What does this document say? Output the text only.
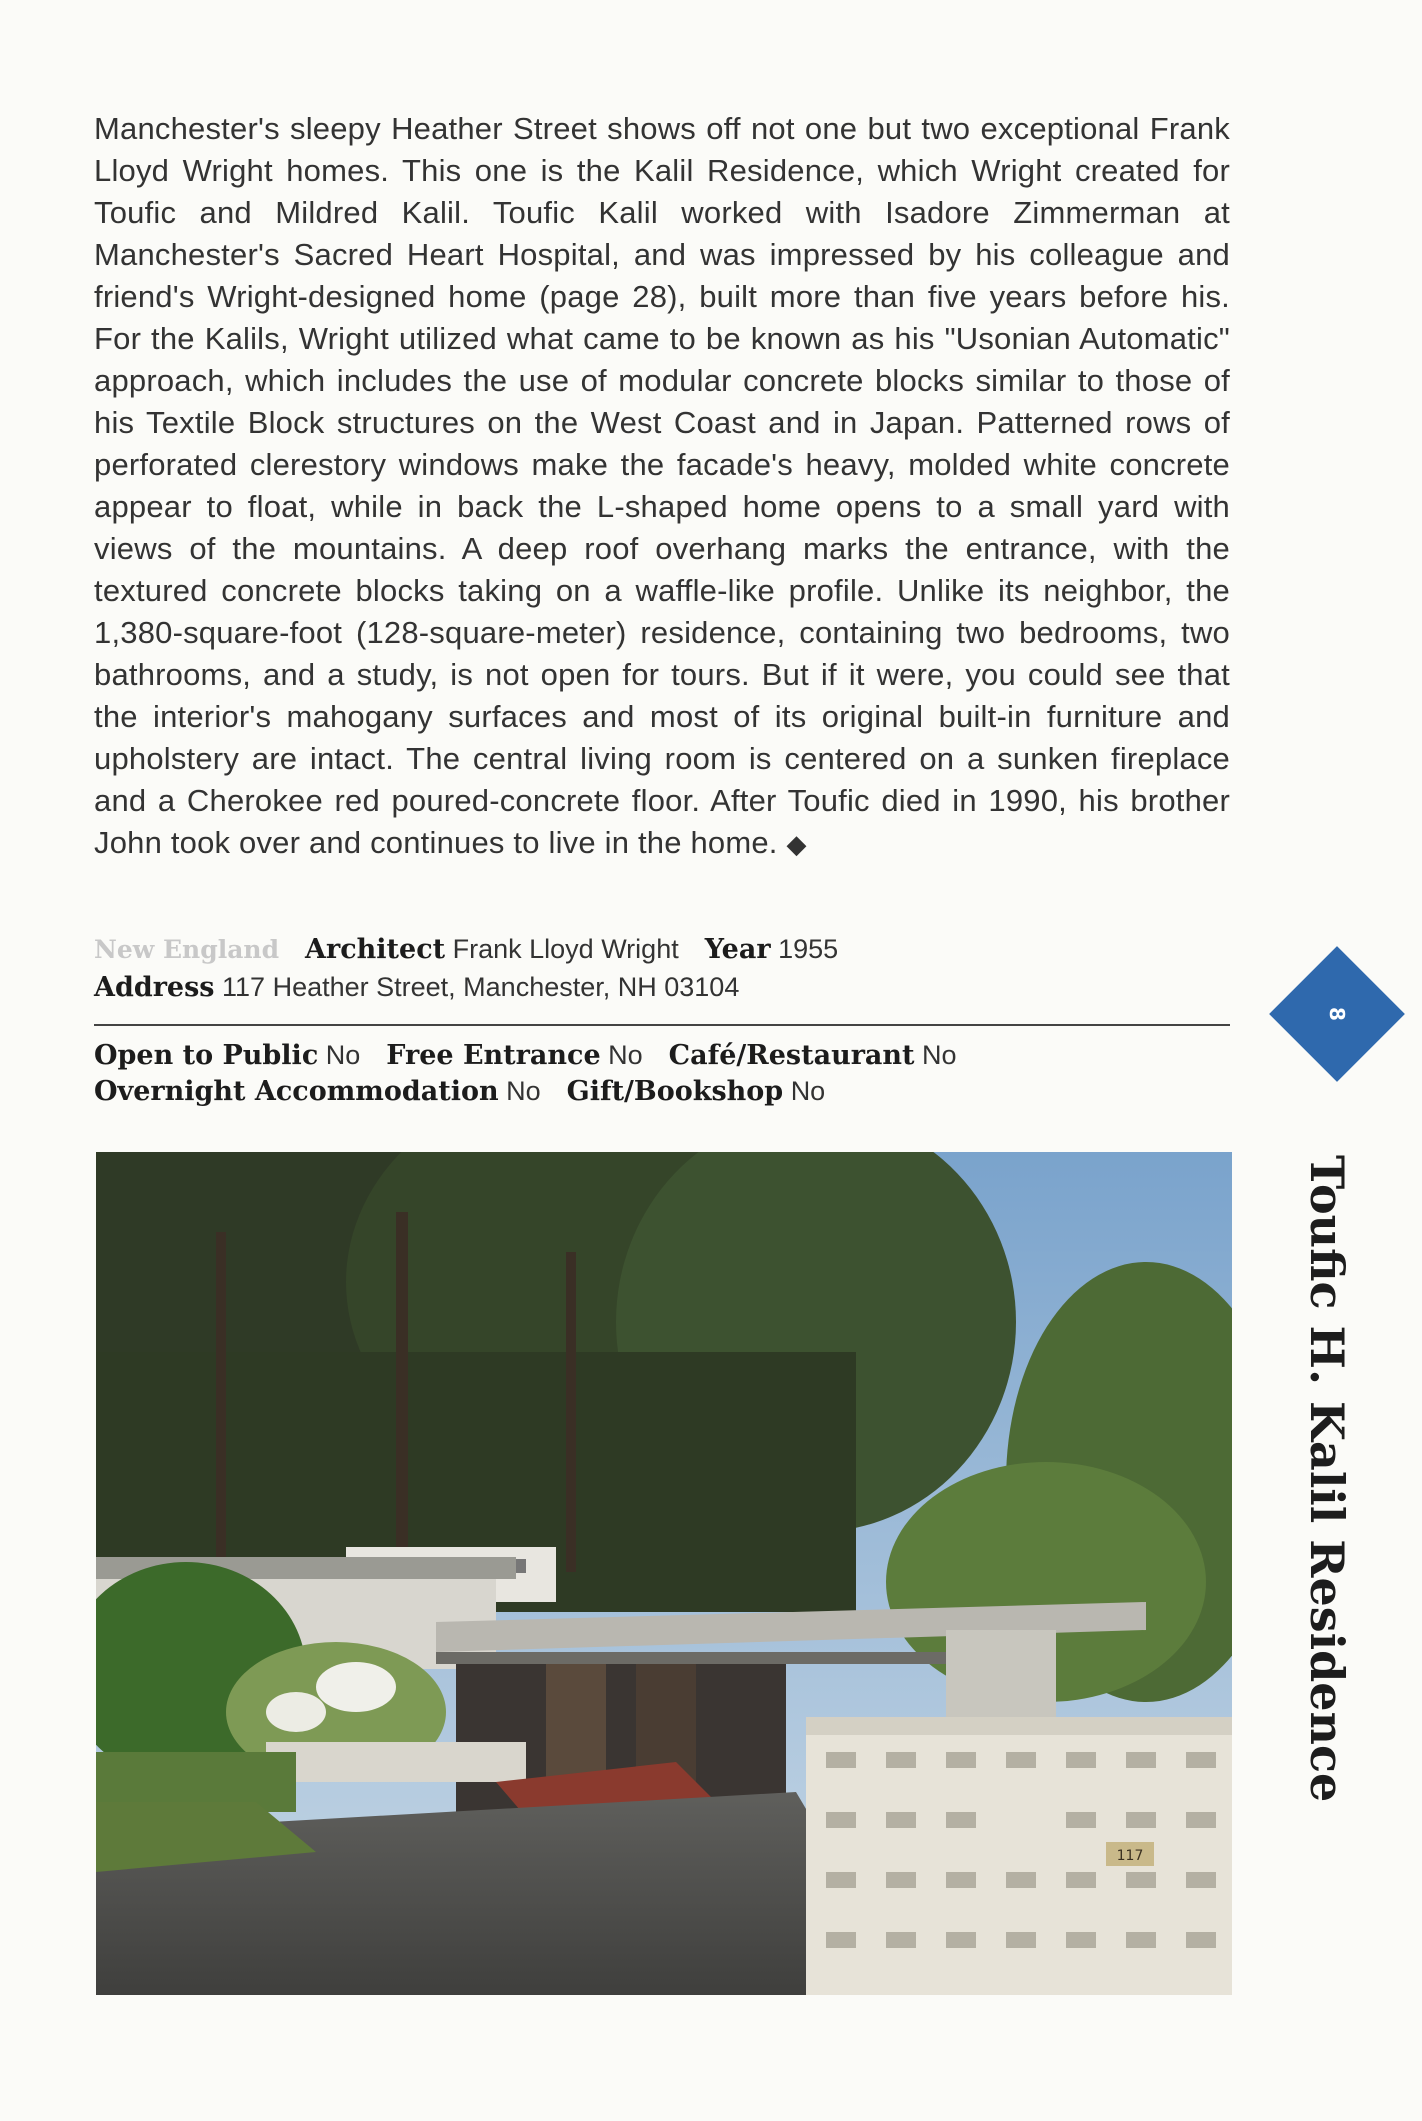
Manchester's sleepy Heather Street shows off not one but two exceptional Frank Lloyd Wright homes. This one is the Kalil Residence, which Wright created for Toufic and Mildred Kalil. Toufic Kalil worked with Isadore Zimmerman at Manchester's Sacred Heart Hospital, and was impressed by his colleague and friend's Wright-designed home (page 28), built more than five years before his. For the Kalils, Wright utilized what came to be known as his "Usonian Automatic" approach, which includes the use of modular concrete blocks similar to those of his Textile Block structures on the West Coast and in Japan. Patterned rows of perforated clerestory windows make the facade's heavy, molded white concrete appear to float, while in back the L-shaped home opens to a small yard with views of the mountains. A deep roof overhang marks the entrance, with the textured concrete blocks taking on a waffle-like profile. Unlike its neighbor, the 1,380-square-foot (128-square-meter) residence, containing two bedrooms, two bathrooms, and a study, is not open for tours. But if it were, you could see that the interior's mahogany surfaces and most of its original built-in furniture and upholstery are intact. The central living room is centered on a sunken fireplace and a Cherokee red poured-concrete floor. After Toufic died in 1990, his brother John took over and continues to live in the home. ◆

New England Architect Frank Lloyd Wright Year 1955
Address 117 Heather Street, Manchester, NH 03104
Open to Public No Free Entrance No Café/Restaurant No
Overnight Accommodation No Gift/Bookshop No
8
Toufic H. Kalil Residence
117
